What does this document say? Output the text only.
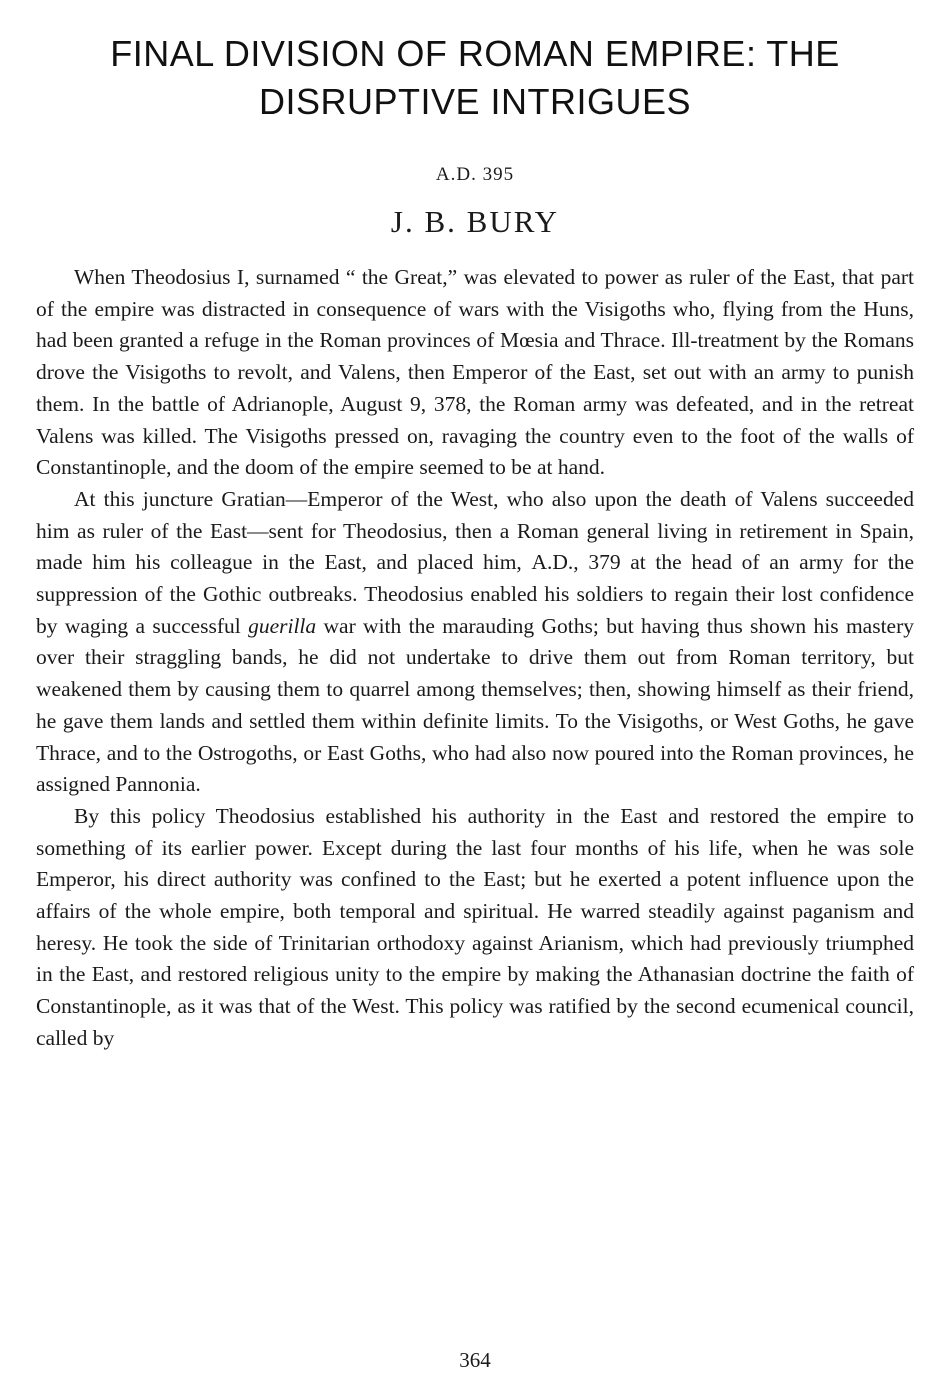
FINAL DIVISION OF ROMAN EMPIRE: THE
DISRUPTIVE INTRIGUES
A.D. 395
J. B. BURY

When Theodosius I, surnamed “ the Great,” was elevated to power as ruler of the East, that part of the empire was distracted in consequence of wars with the Visigoths who, flying from the Huns, had been granted a refuge in the Roman provinces of Mœsia and Thrace. Ill-treatment by the Romans drove the Visigoths to revolt, and Valens, then Emperor of the East, set out with an army to punish them. In the battle of Adrianople, August 9, 378, the Roman army was defeated, and in the retreat Valens was killed. The Visigoths pressed on, ravaging the country even to the foot of the walls of Constantinople, and the doom of the empire seemed to be at hand.

At this juncture Gratian—Emperor of the West, who also upon the death of Valens succeeded him as ruler of the East—sent for Theodosius, then a Roman general living in retirement in Spain, made him his colleague in the East, and placed him, A.D., 379 at the head of an army for the suppression of the Gothic outbreaks. Theodosius enabled his soldiers to regain their lost confidence by waging a successful guerilla war with the marauding Goths; but having thus shown his mastery over their straggling bands, he did not undertake to drive them out from Roman territory, but weakened them by causing them to quarrel among themselves; then, showing himself as their friend, he gave them lands and settled them within definite limits. To the Visigoths, or West Goths, he gave Thrace, and to the Ostrogoths, or East Goths, who had also now poured into the Roman provinces, he assigned Pannonia.

By this policy Theodosius established his authority in the East and restored the empire to something of its earlier power. Except during the last four months of his life, when he was sole Emperor, his direct authority was confined to the East; but he exerted a potent influence upon the affairs of the whole empire, both temporal and spiritual. He warred steadily against paganism and heresy. He took the side of Trinitarian orthodoxy against Arianism, which had previously triumphed in the East, and restored religious unity to the empire by making the Athanasian doctrine the faith of Constantinople, as it was that of the West. This policy was ratified by the second ecumenical council, called by

364
